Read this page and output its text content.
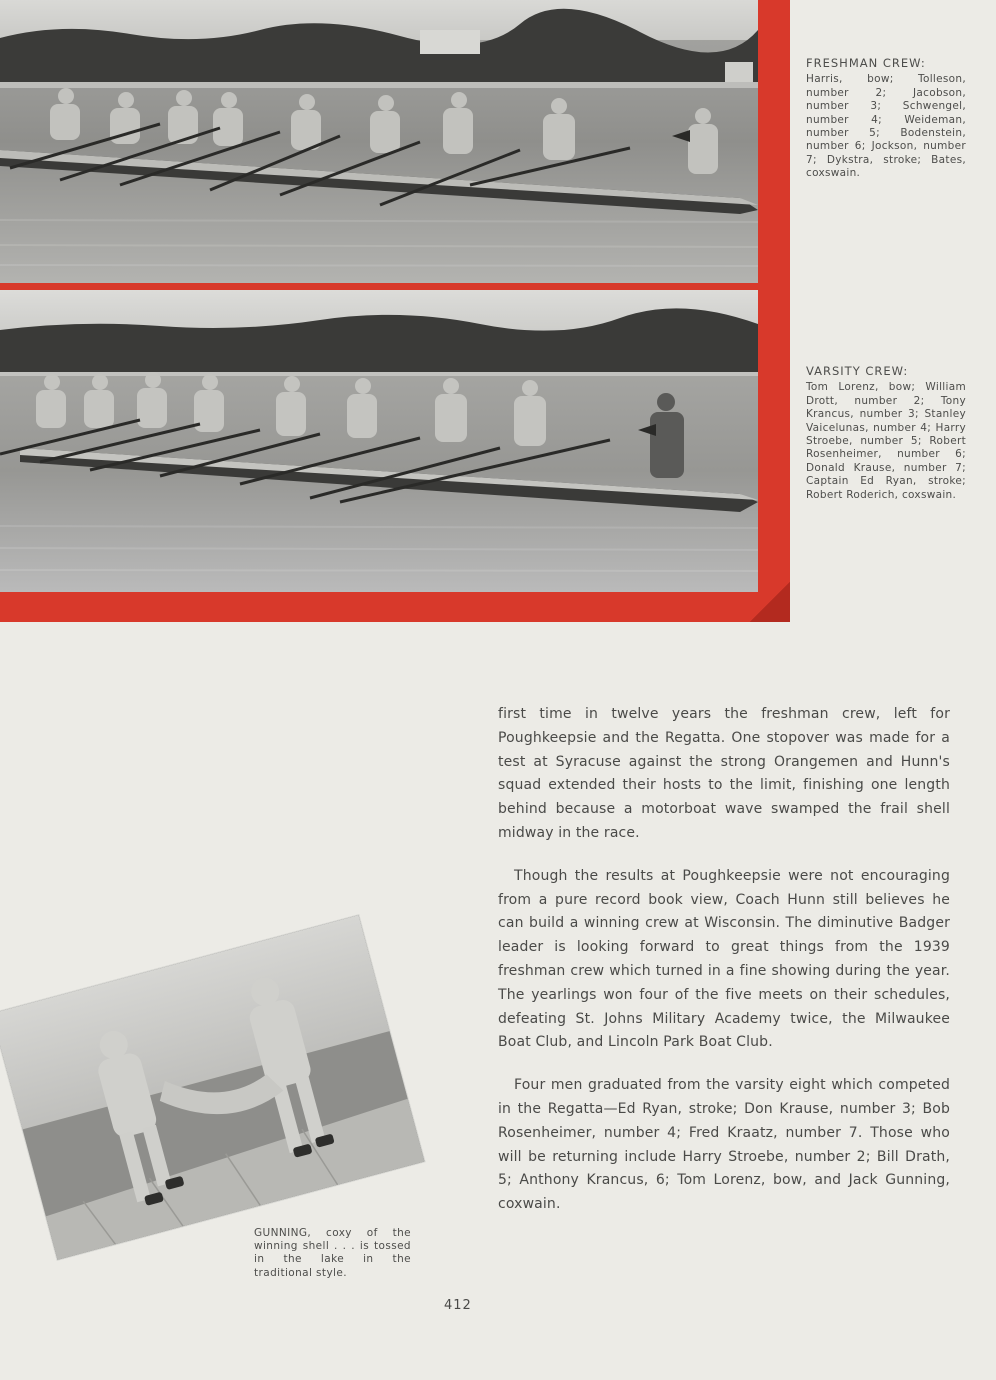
FRESHMAN CREW:
Harris, bow; Tolleson, number 2; Jacobson, number 3; Schwengel, number 4; Weideman, number 5; Bodenstein, number 6; Jockson, number 7; Dykstra, stroke; Bates, coxswain.
VARSITY CREW:
Tom Lorenz, bow; William Drott, number 2; Tony Krancus, number 3; Stanley Vaicelunas, number 4; Harry Stroebe, number 5; Robert Rosenheimer, number 6; Donald Krause, number 7; Captain Ed Ryan, stroke; Robert Roderich, coxswain.

first time in twelve years the freshman crew, left for Poughkeepsie and the Regatta. One stopover was made for a test at Syracuse against the strong Orangemen and Hunn's squad extended their hosts to the limit, finishing one length behind because a motorboat wave swamped the frail shell midway in the race.

Though the results at Poughkeepsie were not encouraging from a pure record book view, Coach Hunn still believes he can build a winning crew at Wisconsin. The diminutive Badger leader is looking forward to great things from the 1939 freshman crew which turned in a fine showing during the year. The yearlings won four of the five meets on their schedules, defeating St. Johns Military Academy twice, the Milwaukee Boat Club, and Lincoln Park Boat Club.

Four men graduated from the varsity eight which competed in the Regatta—Ed Ryan, stroke; Don Krause, number 3; Bob Rosenheimer, number 4; Fred Kraatz, number 7. Those who will be returning include Harry Stroebe, number 2; Bill Drath, 5; Anthony Krancus, 6; Tom Lorenz, bow, and Jack Gunning, coxwain.

GUNNING, coxy of the winning shell . . . is tossed in the lake in the traditional style.
412
